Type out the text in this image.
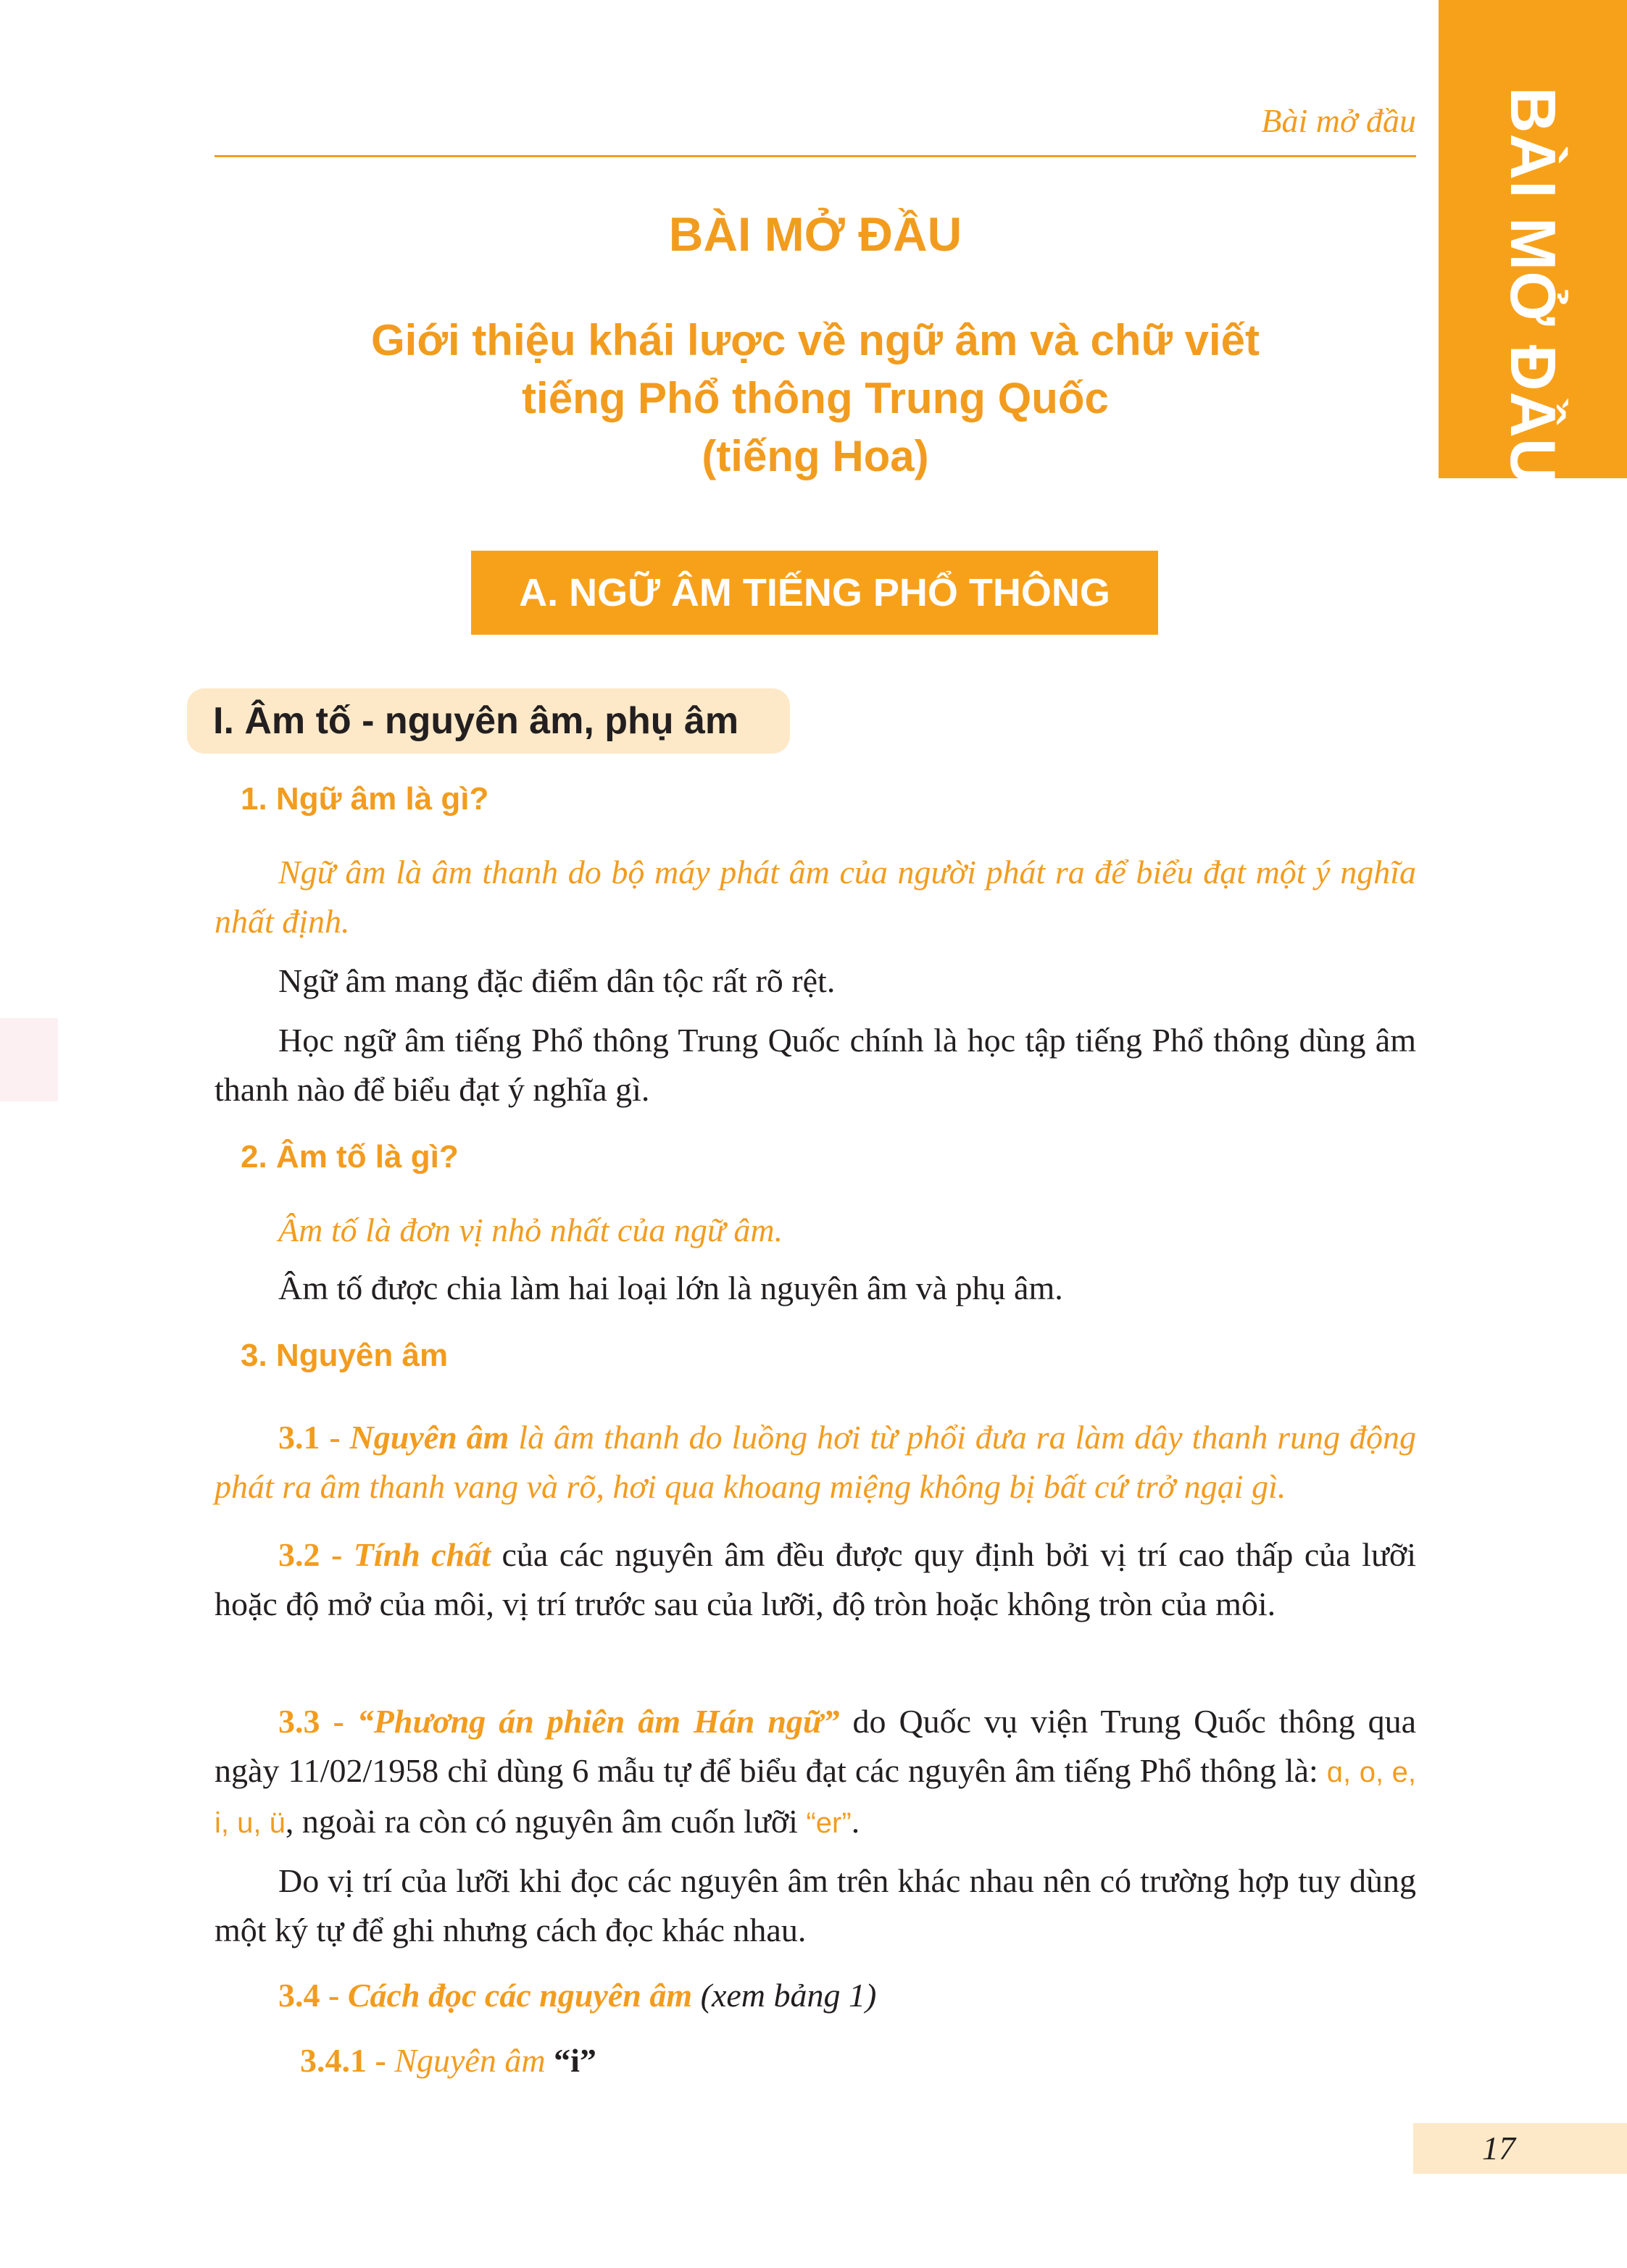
Bài mở đầu BÀI MỞ ĐẦU
BÀI MỞ ĐẦU
Giới thiệu khái lược về ngữ âm và chữ viết
tiếng Phổ thông Trung Quốc
(tiếng Hoa)
A. NGỮ ÂM TIẾNG PHỔ THÔNG
I. Âm tố - nguyên âm, phụ âm
1. Ngữ âm là gì?
Ngữ âm là âm thanh do bộ máy phát âm của người phát ra để biểu đạt một ý nghĩa nhất định.
Ngữ âm mang đặc điểm dân tộc rất rõ rệt.
Học ngữ âm tiếng Phổ thông Trung Quốc chính là học tập tiếng Phổ thông dùng âm thanh nào để biểu đạt ý nghĩa gì.
2. Âm tố là gì?
Âm tố là đơn vị nhỏ nhất của ngữ âm.
Âm tố được chia làm hai loại lớn là nguyên âm và phụ âm.
3. Nguyên âm
3.1 - Nguyên âm là âm thanh do luồng hơi từ phổi đưa ra làm dây thanh rung động phát ra âm thanh vang và rõ, hơi qua khoang miệng không bị bất cứ trở ngại gì.
3.2 - Tính chất của các nguyên âm đều được quy định bởi vị trí cao thấp của lưỡi hoặc độ mở của môi, vị trí trước sau của lưỡi, độ tròn hoặc không tròn của môi.
3.3 - “Phương án phiên âm Hán ngữ” do Quốc vụ viện Trung Quốc thông qua ngày 11/02/1958 chỉ dùng 6 mẫu tự để biểu đạt các nguyên âm tiếng Phổ thông là: ɑ, o, e, i, u, ü, ngoài ra còn có nguyên âm cuốn lưỡi “er”.
Do vị trí của lưỡi khi đọc các nguyên âm trên khác nhau nên có trường hợp tuy dùng một ký tự để ghi nhưng cách đọc khác nhau.
3.4 - Cách đọc các nguyên âm (xem bảng 1)
3.4.1 - Nguyên âm “i”
17
